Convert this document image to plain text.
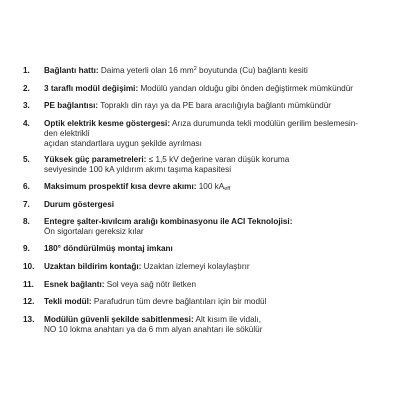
1.	Bağlantı hattı: Daima yeterli olan 16 $mm^2$ boyutunda (Cu) bağlantı kesiti
2.	3 taraflı modül değişimi: Modülü yandan olduğu gibi önden değiştirmek mümkündür
3.	PE bağlantısı: Topraklı din rayı ya da PE bara aracılığıyla bağlantı mümkündür
4.	Optik elektrik kesme göstergesi: Arıza durumunda tekli modülün gerilim beslemesin-
den elektrikli
açıdan standartlara uygun şekilde ayrılması
5.	Yüksek güç parametreleri: ≤ 1,5 kV değerine varan düşük koruma
seviyesinde 100 kA yıldırım akımı taşıma kapasitesi
6.	Maksimum prospektif kısa devre akımı: 100 kAeff
7.	Durum göstergesi
8.	Entegre şalter-kıvılcım aralığı kombinasyonu ile ACI Teknolojisi:
Ön sigortaları gereksiz kılar
9.	180° döndürülmüş montaj imkanı
10.	Uzaktan bildirim kontağı: Uzaktan izlemeyi kolaylaştırır
11.	Esnek bağlantı: Sol veya sağ nötr iletken
12.	Tekli modül: Parafudrun tüm devre bağlantıları için bir modül
13.	Modülün güvenli şekilde sabitlenmesi: Alt kısım ile vidalı,
NO 10 lokma anahtarı ya da 6 mm alyan anahtarı ile sökülür
